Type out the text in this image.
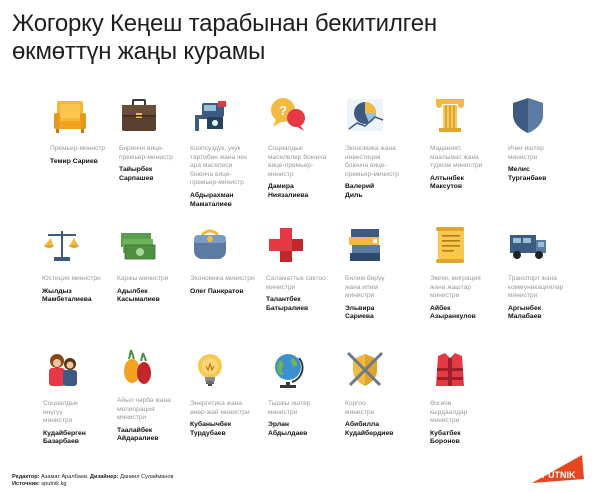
Жогорку Кеңеш тарабынан бекитилген өкмөттүн жаңы курамы
Премьер-министр
Темир Сариев
Биринчи вице-
премьер-министр
Тайырбек
Сарпашев
Коопсуздук, укук
тартибин жана чек
ара маселеси
боюнча вице-
премьер-министр
Абдырахман
Маматалиев
?
Социалдык
маселелер боюнча
вице-премьер-
министр
Дамира
Ниязалиева
Экономика жана
инвестиция
боюнча вице-
премьер-министр
Валерий
Диль
Маданият,
маалымат жана
туризм министри
Алтынбек
Максутов
Ички иштер
министри
Мелис
Турганбаев
Юстиция министри
Жылдыз
Мамбеталиева
Каржы министри
Адылбек
Касымалиев
Экономика министри
Олег Панкратов
Саламаттык сактоо
министри
Талантбек
Батыралиев
Билим берүү
жана илим
министри
Эльвира
Сариева
Эмгек, миграция
жана жаштар
министри
Айбек
Азыранкулов
Транспорт жана
коммуникациялар
министри
Аргынбек
Малабаев
Социалдык
өнүгүү
министри
Кудайберген
Базарбаев
Айыл чарба жана
мелиорация
министри
Таалайбек
Айдаралиев
Энергетика жана
өнөр-жай министри
Кубанычбек
Турдубаев
Тышкы иштер
министри
Эрлан
Абдылдаев
Коргоо
министри
Абибилла
Кудайбердиев
Өзгөчө
кырдаалдар
министри
Кубатбек
Боронов
Редактор: Азамат Аралбаев. Дизайнер: Даниил Сулайманов
Источник: sputnik.kg
SPUTNIK
